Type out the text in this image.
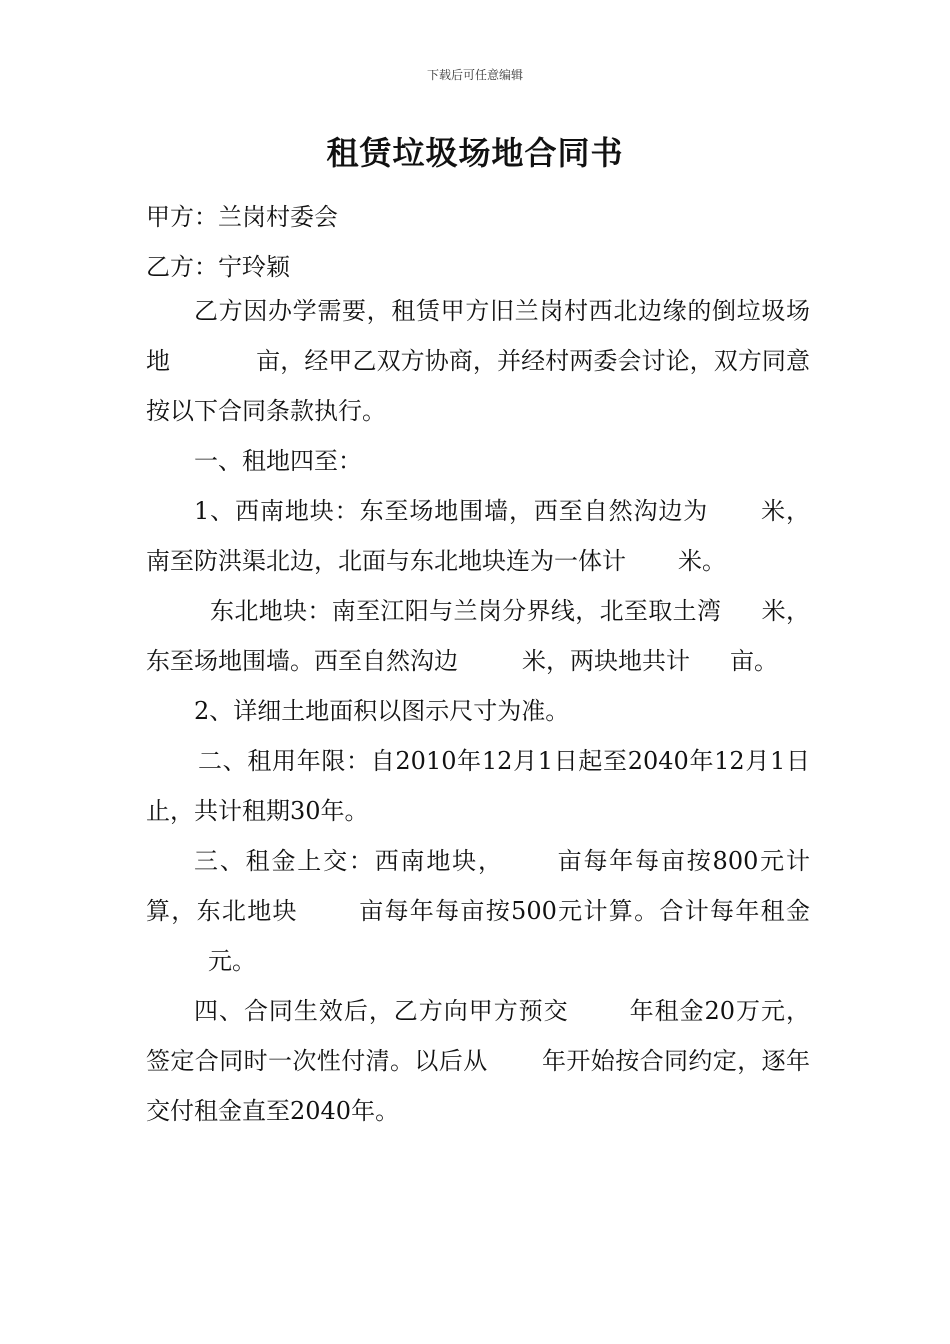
下载后可任意编辑
租赁垃圾场地合同书
甲方：兰岗村委会
乙方：宁玲颖

乙方因办学需要，租赁甲方旧兰岗村西北边缘的倒垃圾场地	亩，经甲乙双方协商，并经村两委会讨论，双方同意按以下合同条款执行。

一、租地四至：

1、西南地块：东至场地围墙，西至自然沟边为 米，南至防洪渠北边，北面与东北地块连为一体计 米。

东北地块：南至江阳与兰岗分界线，北至取土湾 米，东至场地围墙。西至自然沟边	米，两块地共计 亩。

2、详细土地面积以图示尺寸为准。

二、租用年限：自2010年12月1日起至2040年12月1日止，共计租期30年。

三、租金上交：西南地块， 亩每年每亩按800元计算，东北地块	亩每年每亩按500元计算。合计每年租金元。

四、合同生效后，乙方向甲方预交	年租金20万元，签定合同时一次性付清。以后从 年开始按合同约定，逐年交付租金直至2040年。
